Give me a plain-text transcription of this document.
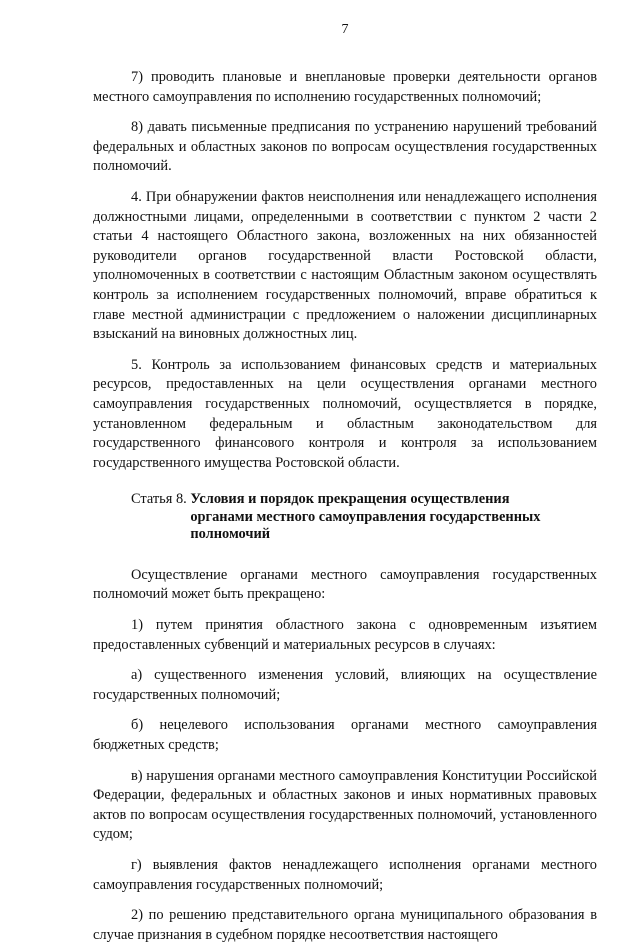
7

7) проводить плановые и внеплановые проверки деятельности органов местного самоуправления по исполнению государственных полномочий;

8) давать письменные предписания по устранению нарушений требований федеральных и областных законов по вопросам осуществления государственных полномочий.

4. При обнаружении фактов неисполнения или ненадлежащего исполнения должностными лицами, определенными в соответствии с пунктом 2 части 2 статьи 4 настоящего Областного закона, возложенных на них обязанностей руководители органов государственной власти Ростовской области, уполномоченных в соответствии с настоящим Областным законом осуществлять контроль за исполнением государственных полномочий, вправе обратиться к главе местной администрации с предложением о наложении дисциплинарных взысканий на виновных должностных лиц.

5. Контроль за использованием финансовых средств и материальных ресурсов, предоставленных на цели осуществления органами местного самоуправления государственных полномочий, осуществляется в порядке, установленном федеральным и областным законодательством для государственного финансового контроля и контроля за использованием государственного имущества Ростовской области.

Статья 8. Условия и порядок прекращения осуществления органами местного самоуправления государственных полномочий

Осуществление органами местного самоуправления государственных полномочий может быть прекращено:

1) путем принятия областного закона с одновременным изъятием предоставленных субвенций и материальных ресурсов в случаях:

а) существенного изменения условий, влияющих на осуществление государственных полномочий;

б) нецелевого использования органами местного самоуправления бюджетных средств;

в) нарушения органами местного самоуправления Конституции Российской Федерации, федеральных и областных законов и иных нормативных правовых актов по вопросам осуществления государственных полномочий, установленного судом;

г) выявления фактов ненадлежащего исполнения органами местного самоуправления государственных полномочий;

2) по решению представительного органа муниципального образования в случае признания в судебном порядке несоответствия настоящего
